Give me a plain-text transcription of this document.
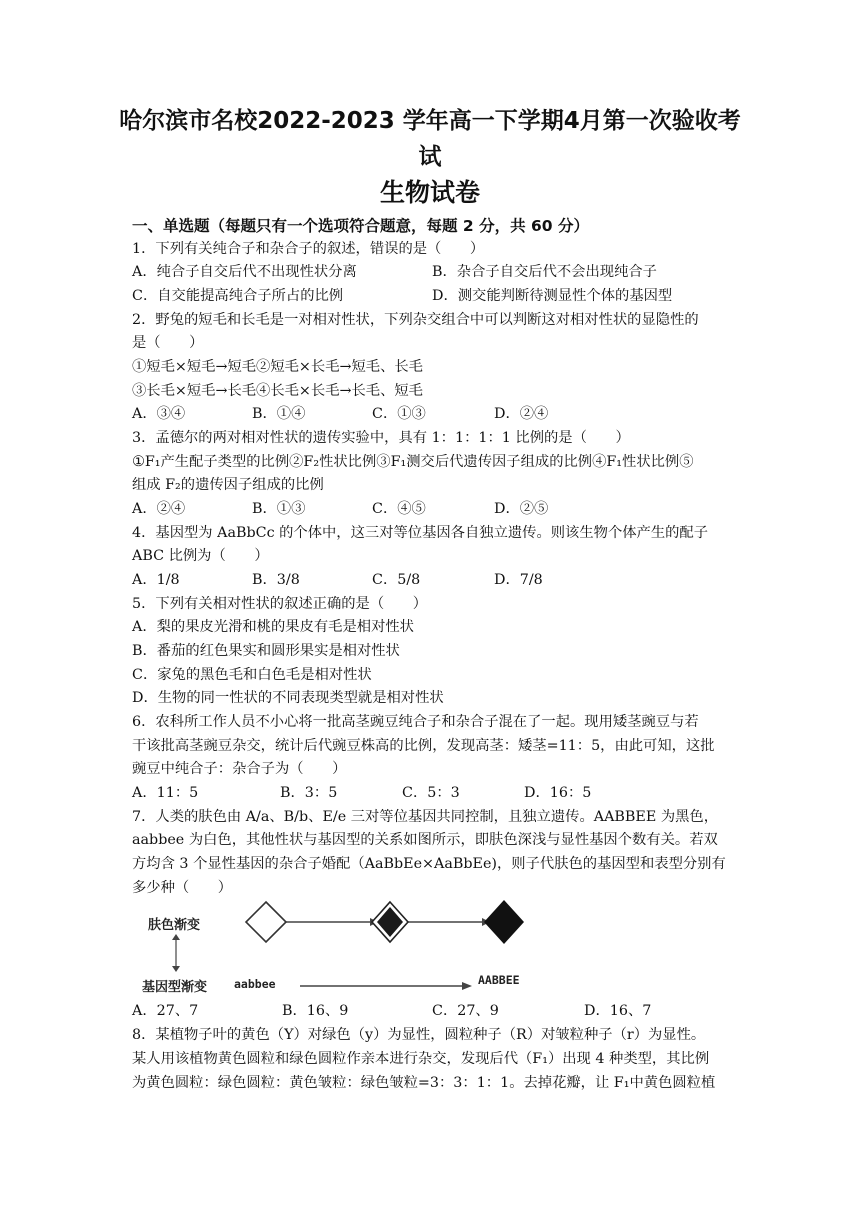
哈尔滨市名校2022-2023 学年高一下学期4月第一次验收考
试
生物试卷
一、单选题（每题只有一个选项符合题意，每题 2 分，共 60 分）
1．下列有关纯合子和杂合子的叙述，错误的是（　　）
A．纯合子自交后代不出现性状分离	B．杂合子自交后代不会出现纯合子
C．自交能提高纯合子所占的比例	D．测交能判断待测显性个体的基因型
2．野兔的短毛和长毛是一对相对性状，下列杂交组合中可以判断这对相对性状的显隐性的
是（　　）
①短毛×短毛→短毛②短毛×长毛→短毛、长毛
③长毛×短毛→长毛④长毛×长毛→长毛、短毛
A．③④	B．①④	C．①③	D．②④
3．孟德尔的两对相对性状的遗传实验中，具有 1：1：1：1 比例的是（　　）
①F₁产生配子类型的比例②F₂性状比例③F₁测交后代遗传因子组成的比例④F₁性状比例⑤
组成 F₂的遗传因子组成的比例
A．②④	B．①③	C．④⑤	D．②⑤
4．基因型为 AaBbCc 的个体中，这三对等位基因各自独立遗传。则该生物个体产生的配子
ABC 比例为（　　）
A．1/8	B．3/8	C．5/8	D．7/8
5．下列有关相对性状的叙述正确的是（　　）
A．梨的果皮光滑和桃的果皮有毛是相对性状
B．番茄的红色果实和圆形果实是相对性状
C．家兔的黑色毛和白色毛是相对性状
D．生物的同一性状的不同表现类型就是相对性状
6．农科所工作人员不小心将一批高茎豌豆纯合子和杂合子混在了一起。现用矮茎豌豆与若
干该批高茎豌豆杂交，统计后代豌豆株高的比例，发现高茎：矮茎=11：5，由此可知，这批
豌豆中纯合子：杂合子为（　　）
A．11：5	B．3：5	C．5：3	D．16：5
7．人类的肤色由 A/a、B/b、E/e 三对等位基因共同控制，且独立遗传。AABBEE 为黑色，
aabbee 为白色，其他性状与基因型的关系如图所示，即肤色深浅与显性基因个数有关。若双
方均含 3 个显性基因的杂合子婚配（AaBbEe×AaBbEe)，则子代肤色的基因型和表型分别有
多少种（　　）
肤色渐变
基因型渐变 aabbee	AABBEE
A．27、7	B．16、9	C．27、9	D．16、7
8．某植物子叶的黄色（Y）对绿色（y）为显性，圆粒种子（R）对皱粒种子（r）为显性。
某人用该植物黄色圆粒和绿色圆粒作亲本进行杂交，发现后代（F₁）出现 4 种类型，其比例
为黄色圆粒：绿色圆粒：黄色皱粒：绿色皱粒=3：3：1：1。去掉花瓣，让 F₁中黄色圆粒植
